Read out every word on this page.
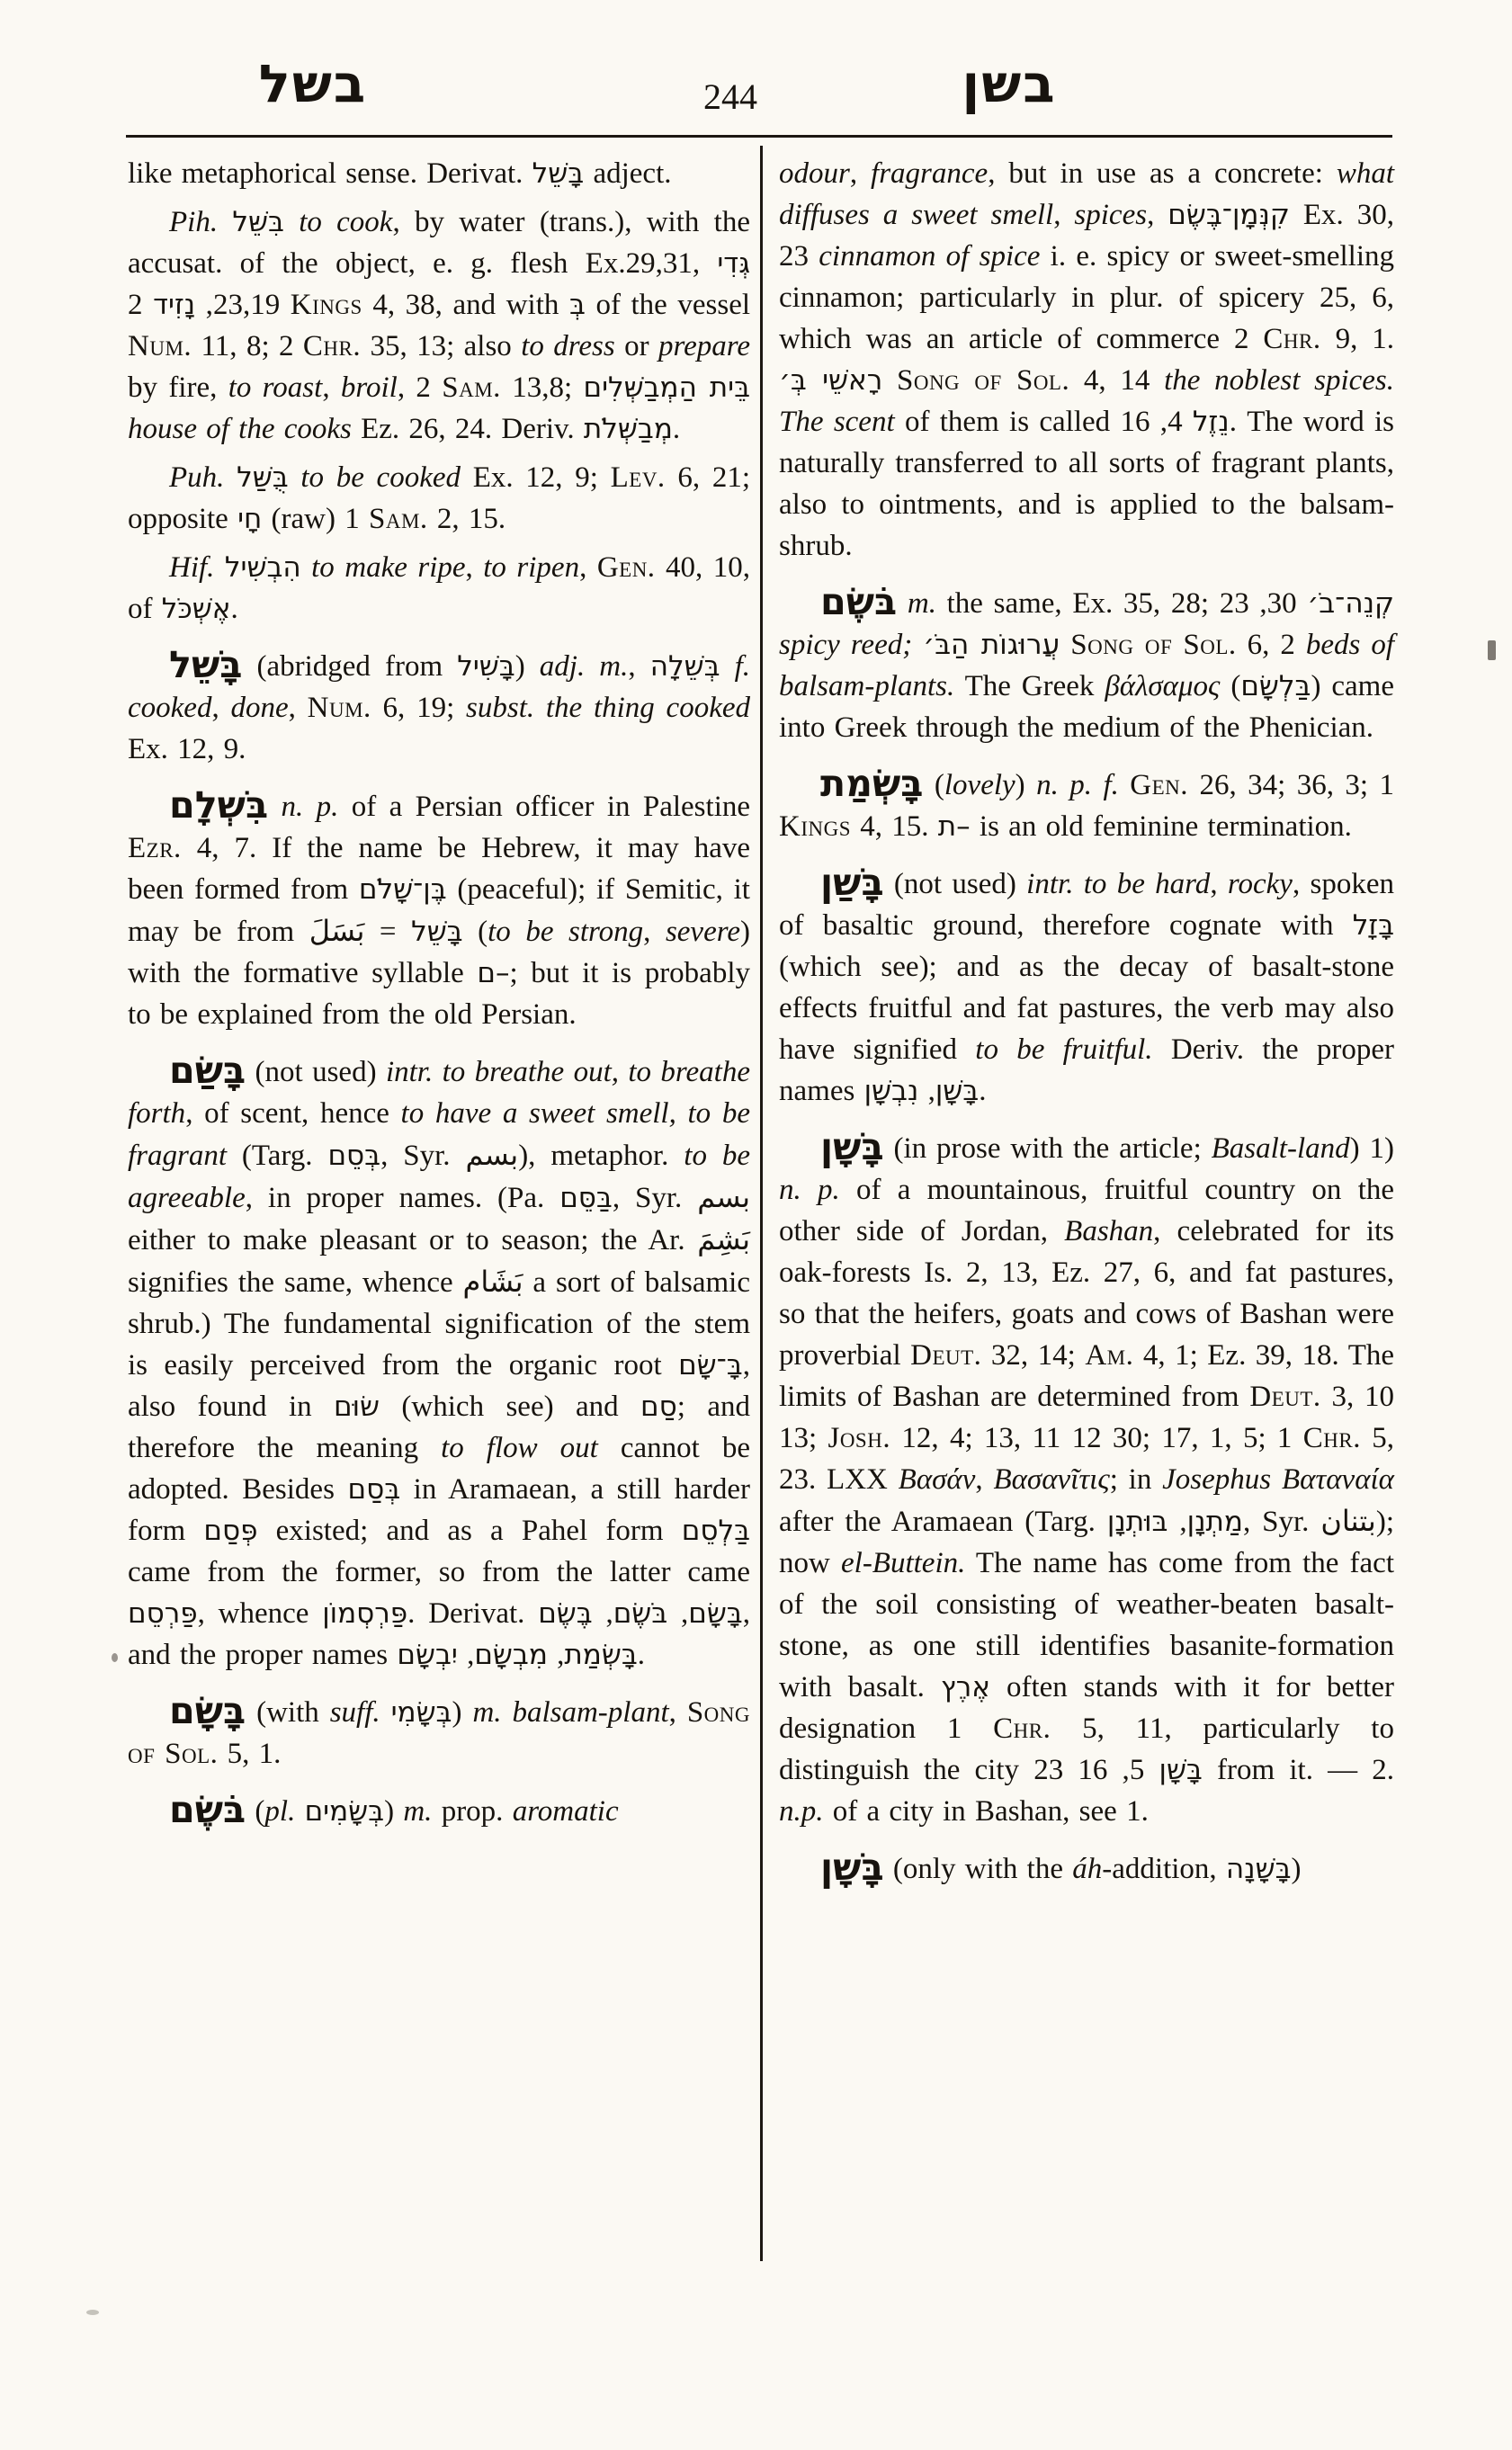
בשל	244	בשן

like metaphorical sense. Derivat. בָּשֵׁל adject.

Pih. בִּשֵּׁל to cook, by water (trans.), with the accusat. of the object, e. g. flesh Ex.29,31, גְּדִי 23,19, נָזִיד 2 Kings 4, 38, and with בְּ of the vessel Num. 11, 8; 2 Chr. 35, 13; also to dress or prepare by fire, to roast, broil, 2 Sam. 13,8; בֵּית הַמְבַשְּׁלִים house of the cooks Ez. 26, 24. Deriv. מְבַשְּׁלֹת.

Puh. בֻּשַּׁל to be cooked Ex. 12, 9; Lev. 6, 21; opposite חָי (raw) 1 Sam. 2, 15.

Hif. הִבְשִׁיל to make ripe, to ripen, Gen. 40, 10, of אֶשְׁכֹּל.

בָּשֵׁל (abridged from בָּשִׁיל) adj. m., בְּשֵׁלָה f. cooked, done, Num. 6, 19; subst. the thing cooked Ex. 12, 9.

בִּשְׁלָם n. p. of a Persian officer in Palestine Ezr. 4, 7. If the name be Hebrew, it may have been formed from בֶּן־שָׁלֹם (peaceful); if Semitic, it may be from	בָּשֵׁל = بَسَلَ	(to be strong, severe) with the formative syllable ם–; but it is probably to be explained from the old Persian.

בָּשַׂם (not used) intr. to breathe out, to breathe forth, of scent, hence to have a sweet smell, to be fragrant (Targ. בְּסֵם, Syr. بسم), metaphor. to be agreeable, in proper names. (Pa. בַּסֵּם, Syr. بسم either to make pleasant or to season; the Ar. بَشِمَ signifies the same, whence بَشَام a sort of balsamic shrub.) The fundamental signification of the stem is easily perceived from the organic root בָּ־שָׂם, also found in שׂוּם (which see) and סַם; and therefore the meaning to flow out cannot be adopted. Besides בְּסַם in Aramaean, a still harder form פְּסַם existed; and as a Pahel form בַּלְסֵם came from the former, so from the latter came פַּרְסֵם, whence פַּרְסְמוֹן. Derivat.	בָּשָׂם, בֹּשֶׂם, בֶּשֶׂם	, and the proper names	בָּשְׂמַת, מִבְשָׂם, יִבְשָׂם	.

בָּשָׂם (with suff. בְּשָׂמִי) m. balsam-plant, Song of Sol. 5, 1.

בֹּשֶׂם (pl. בְּשָׂמִים) m. prop. aromatic

odour, fragrance, but in use as a concrete: what diffuses a sweet smell, spices, קִנְּמָן־בֶּשֶׂם Ex. 30, 23 cinnamon of spice i. e. spicy or sweet-smelling cinnamon; particularly in plur. of spicery 25, 6, which was an article of commerce 2 Chr. 9, 1. רָאשֵׁי בְּ׳ Song of Sol. 4, 14 the noblest spices. The scent of them is called	נֵזֶל 4, 16. The word is naturally transferred to all sorts of fragrant plants, also to ointments, and is applied to the balsam-shrub.

בֹּשֶׂם m. the same, Ex. 35, 28;	קְנֵה־בֹ׳ 30, 23 spicy reed; עֲרוּגוֹת הַבֹּ׳ Song of Sol. 6, 2 beds of balsam-plants. The Greek βάλσαμος (בַּלְשָׂם) came into Greek through the medium of the Phenician.

בָּשְׂמַת (lovely) n. p. f. Gen. 26, 34; 36, 3; 1 Kings 4, 15. ת– is an old feminine termination.

בָּשַׁן (not used) intr. to be hard, rocky, spoken of basaltic ground, therefore cognate with בָּזָל (which see); and as the decay of basalt-stone effects fruitful and fat pastures, the verb may also have signified to be fruitful. Deriv. the proper names	בָּשָׁן, נִבְשָׁן .

בָּשָׁן (in prose with the article; Basalt-land) 1) n. p. of a mountainous, fruitful country on the other side of Jordan, Bashan, celebrated for its oak-forests Is. 2, 13, Ez. 27, 6, and fat pastures, so that the heifers, goats and cows of Bashan were proverbial Deut. 32, 14; Am. 4, 1; Ez. 39, 18. The limits of Bashan are determined from Deut. 3, 10 13; Josh. 12, 4; 13, 11 12 30; 17, 1, 5; 1 Chr. 5, 23. LXX Βασάν, Βασανῖτις; in Josephus Βαταναία after the Aramaean (Targ.	מַתְנָן, בּוּתְנָן	, Syr. بتنان); now el-Buttein. The name has come from the fact of the soil consisting of weather-beaten basalt-stone, as one still identifies basanite-formation with basalt. אֶרֶץ often stands with it for better designation 1 Chr. 5, 11, particularly to distinguish the city	בָּשָׁן 5, 16 23 from it. — 2. n.p. of a city in Bashan, see 1.

בָּשָׁן (only with the áh-addition, בָּשָׁנָה)
